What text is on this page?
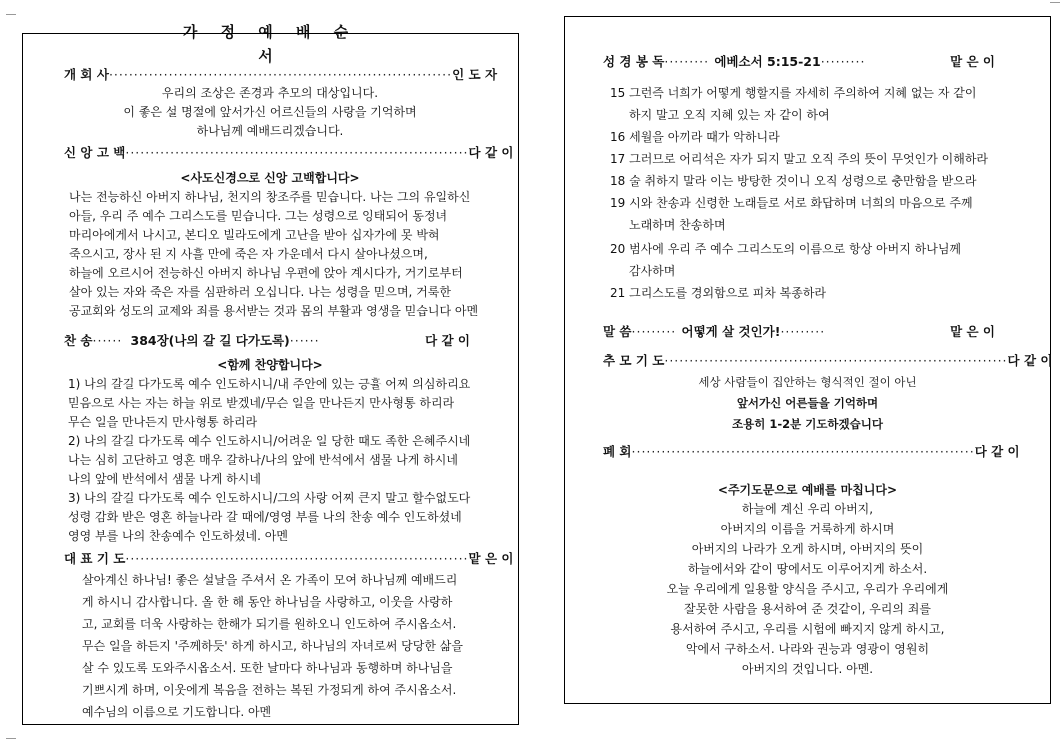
가 정 예 배 순 서
개 회 사 ····································································· 인 도 자
우리의 조상은 존경과 추모의 대상입니다.
이 좋은 설 명절에 앞서가신 어르신들의 사랑을 기억하며
하나님께 예배드리겠습니다.
신 앙 고 백 ····································································· 다 같 이
<사도신경으로 신앙 고백합니다>
나는 전능하신 아버지 하나님, 천지의 창조주를 믿습니다. 나는 그의 유일하신
아들, 우리 주 예수 그리스도를 믿습니다. 그는 성령으로 잉태되어 동정녀
마리아에게서 나시고, 본디오 빌라도에게 고난을 받아 십자가에 못 박혀
죽으시고, 장사 된 지 사흘 만에 죽은 자 가운데서 다시 살아나셨으며,
하늘에 오르시어 전능하신 아버지 하나님 우편에 앉아 계시다가, 거기로부터
살아 있는 자와 죽은 자를 심판하러 오십니다. 나는 성령을 믿으며, 거룩한
공교회와 성도의 교제와 죄를 용서받는 것과 몸의 부활과 영생을 믿습니다 아멘
찬 송 ······ 384장(나의 갈 길 다가도록) ······	다 같 이
<함께 찬양합니다>
1) 나의 갈길 다가도록 예수 인도하시니/내 주안에 있는 긍휼 어찌 의심하리요
믿음으로 사는 자는 하늘 위로 받겠네/무슨 일을 만나든지 만사형통 하리라
무슨 일을 만나든지 만사형통 하리라
2) 나의 갈길 다가도록 예수 인도하시니/어려운 일 당한 때도 족한 은혜주시네
나는 심히 고단하고 영혼 매우 갈하나/나의 앞에 반석에서 샘물 나게 하시네
나의 앞에 반석에서 샘물 나게 하시네
3) 나의 갈길 다가도록 예수 인도하시니/그의 사랑 어찌 큰지 말고 할수없도다
성령 감화 받은 영혼 하늘나라 갈 때에/영영 부를 나의 찬송 예수 인도하셨네
영영 부를 나의 찬송예수 인도하셨네. 아멘
대 표 기 도 ····································································· 맡 은 이
살아계신 하나님! 좋은 설날을 주셔서 온 가족이 모여 하나님께 예배드리
게 하시니 감사합니다. 올 한 해 동안 하나님을 사랑하고, 이웃을 사랑하
고, 교회를 더욱 사랑하는 한해가 되기를 원하오니 인도하여 주시옵소서.
무슨 일을 하든지 '주께하듯' 하게 하시고, 하나님의 자녀로써 당당한 삶을
살 수 있도록 도와주시옵소서. 또한 날마다 하나님과 동행하며 하나님을
기쁘시게 하며, 이웃에게 복음을 전하는 복된 가정되게 하여 주시옵소서.
예수님의 이름으로 기도합니다. 아멘
성 경 봉 독 ········· 에베소서 5:15-21 ·········	맡 은 이
15 그런즉 너희가 어떻게 행할지를 자세히 주의하여 지혜 없는 자 같이
하지 말고 오직 지혜 있는 자 같이 하여
16 세월을 아끼라 때가 악하니라
17 그러므로 어리석은 자가 되지 말고 오직 주의 뜻이 무엇인가 이해하라
18 술 취하지 말라 이는 방탕한 것이니 오직 성령으로 충만함을 받으라
19 시와 찬송과 신령한 노래들로 서로 화답하며 너희의 마음으로 주께
노래하며 찬송하며
20 범사에 우리 주 예수 그리스도의 이름으로 항상 아버지 하나님께
감사하며
21 그리스도를 경외함으로 피차 복종하라
말 씀 ········· 어떻게 살 것인가! ·········	맡 은 이
추 모 기 도 ····································································· 다 같 이
세상 사람들이 집안하는 형식적인 절이 아닌
앞서가신 어른들을 기억하며
조용히 1-2분 기도하겠습니다
폐 회 ····································································· 다 같 이
<주기도문으로 예배를 마칩니다>
하늘에 계신 우리 아버지,
아버지의 이름을 거룩하게 하시며
아버지의 나라가 오게 하시며, 아버지의 뜻이
하늘에서와 같이 땅에서도 이루어지게 하소서.
오늘 우리에게 일용할 양식을 주시고, 우리가 우리에게
잘못한 사람을 용서하여 준 것같이, 우리의 죄를
용서하여 주시고, 우리를 시험에 빠지지 않게 하시고,
악에서 구하소서. 나라와 권능과 영광이 영원히
아버지의 것입니다. 아멘.
